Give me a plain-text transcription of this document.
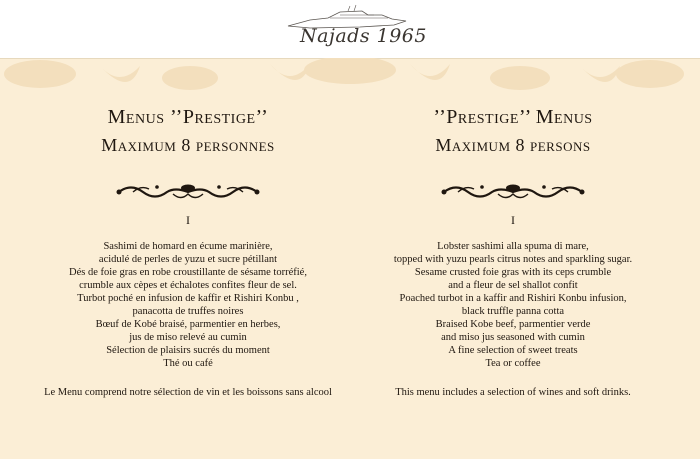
Najads 1965
Menus ’’Prestige’’
Maximum 8 personnes
I
Sashimi de homard en écume marinière,
acidulé de perles de yuzu et sucre pétillant
Dés de foie gras en robe croustillante de sésame torréfié,
crumble aux cèpes et échalotes confites fleur de sel.
Turbot poché en infusion de kaffir et Rishiri Konbu ,
panacotta de truffes noires
Bœuf de Kobé braisé, parmentier en herbes,
jus de miso relevé au cumin
Sélection de plaisirs sucrés du moment
Thé ou café
Le Menu comprend notre sélection de vin et les boissons sans alcool
’’Prestige’’ Menus
Maximum 8 persons
I
Lobster sashimi alla spuma di mare,
topped with yuzu pearls citrus notes and sparkling sugar.
Sesame crusted foie gras with its ceps crumble
and a fleur de sel shallot confit
Poached turbot in a kaffir and Rishiri Konbu infusion,
black truffle panna cotta
Braised Kobe beef, parmentier verde
and miso jus seasoned with cumin
A fine selection of sweet treats
Tea or coffee
This menu includes a selection of wines and soft drinks.
